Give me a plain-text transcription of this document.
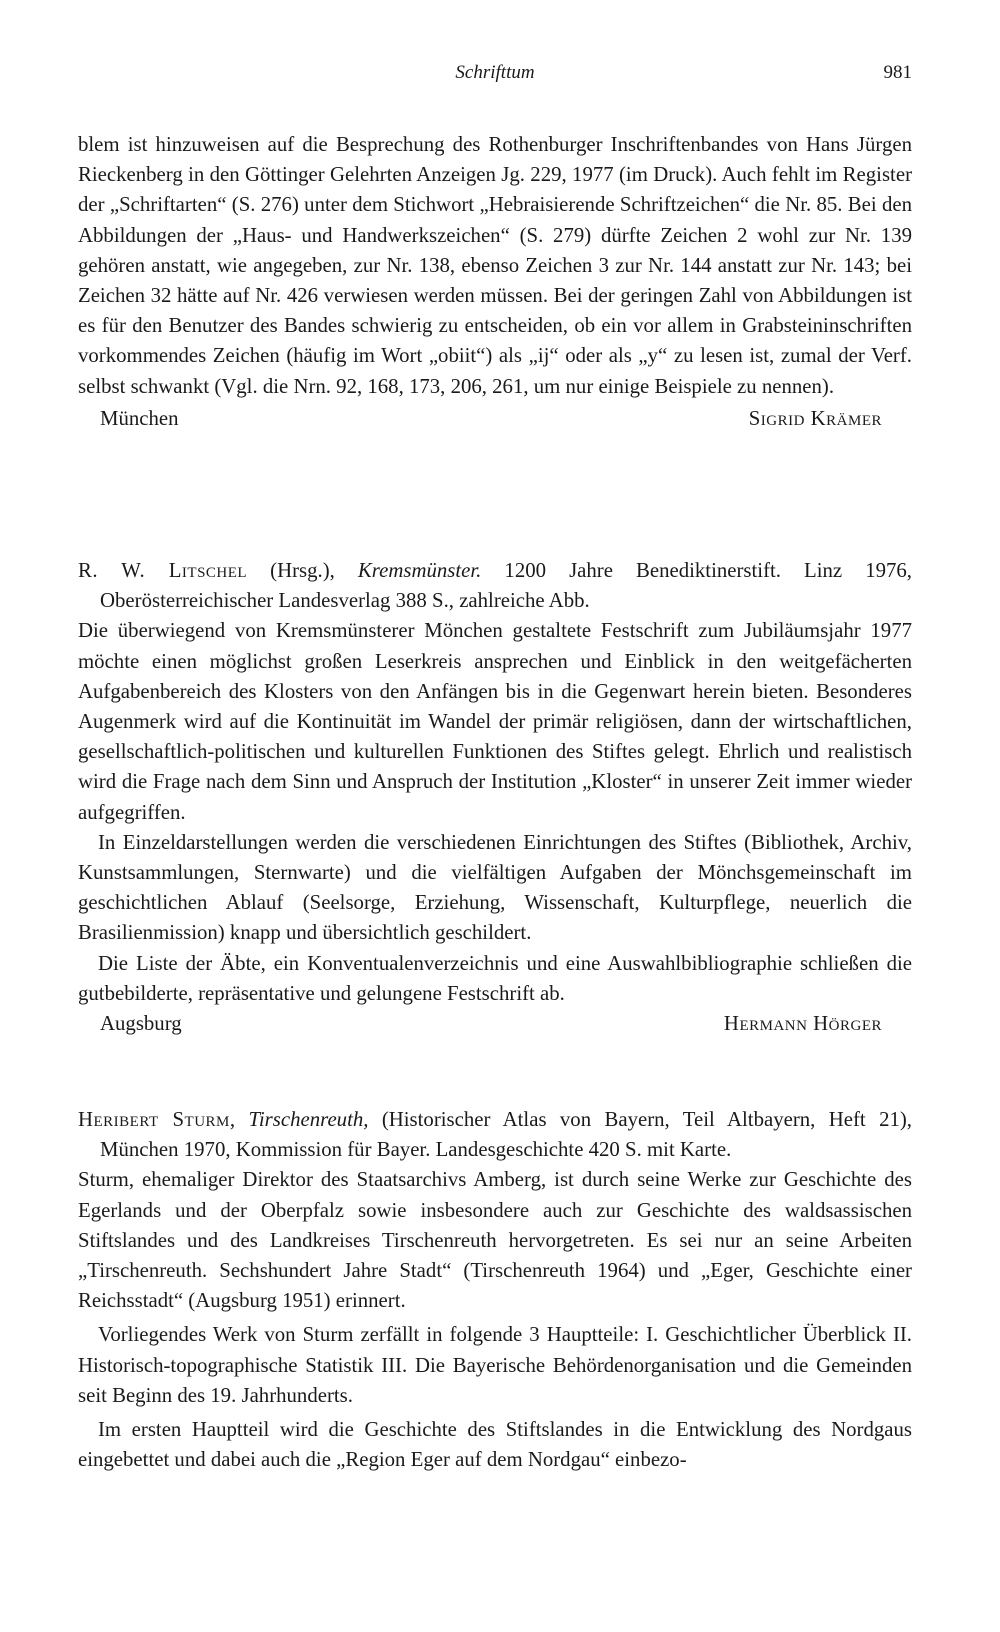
Schrifttum	981

blem ist hinzuweisen auf die Besprechung des Rothenburger Inschriftenbandes von Hans Jürgen Rieckenberg in den Göttinger Gelehrten Anzeigen Jg. 229, 1977 (im Druck). Auch fehlt im Register der „Schriftarten“ (S. 276) unter dem Stichwort „Hebraisierende Schriftzeichen“ die Nr. 85. Bei den Abbildungen der „Haus- und Handwerkszeichen“ (S. 279) dürfte Zeichen 2 wohl zur Nr. 139 gehören anstatt, wie angegeben, zur Nr. 138, ebenso Zeichen 3 zur Nr. 144 anstatt zur Nr. 143; bei Zeichen 32 hätte auf Nr. 426 verwiesen werden müssen. Bei der geringen Zahl von Abbildungen ist es für den Benutzer des Bandes schwierig zu entscheiden, ob ein vor allem in Grabsteininschriften vorkommendes Zeichen (häufig im Wort „obiit“) als „ij“ oder als „y“ zu lesen ist, zumal der Verf. selbst schwankt (Vgl. die Nrn. 92, 168, 173, 206, 261, um nur einige Beispiele zu nennen).

München	Sigrid Krämer

R. W. Litschel (Hrsg.), Kremsmünster. 1200 Jahre Benediktinerstift. Linz 1976, Oberösterreichischer Landesverlag 388 S., zahlreiche Abb.

Die überwiegend von Kremsmünsterer Mönchen gestaltete Festschrift zum Jubiläumsjahr 1977 möchte einen möglichst großen Leserkreis ansprechen und Einblick in den weitgefächerten Aufgabenbereich des Klosters von den Anfängen bis in die Gegenwart herein bieten. Besonderes Augenmerk wird auf die Kontinuität im Wandel der primär religiösen, dann der wirtschaftlichen, gesellschaftlich-politischen und kulturellen Funktionen des Stiftes gelegt. Ehrlich und realistisch wird die Frage nach dem Sinn und Anspruch der Institution „Kloster“ in unserer Zeit immer wieder aufgegriffen.

In Einzeldarstellungen werden die verschiedenen Einrichtungen des Stiftes (Bibliothek, Archiv, Kunstsammlungen, Sternwarte) und die vielfältigen Aufgaben der Mönchsgemeinschaft im geschichtlichen Ablauf (Seelsorge, Erziehung, Wissenschaft, Kulturpflege, neuerlich die Brasilienmission) knapp und übersichtlich geschildert.

Die Liste der Äbte, ein Konventualenverzeichnis und eine Auswahlbibliographie schließen die gutbebilderte, repräsentative und gelungene Festschrift ab.

Augsburg	Hermann Hörger

Heribert Sturm, Tirschenreuth, (Historischer Atlas von Bayern, Teil Altbayern, Heft 21), München 1970, Kommission für Bayer. Landesgeschichte 420 S. mit Karte.

Sturm, ehemaliger Direktor des Staatsarchivs Amberg, ist durch seine Werke zur Geschichte des Egerlands und der Oberpfalz sowie insbesondere auch zur Geschichte des waldsassischen Stiftslandes und des Landkreises Tirschenreuth hervorgetreten. Es sei nur an seine Arbeiten „Tirschenreuth. Sechshundert Jahre Stadt“ (Tirschenreuth 1964) und „Eger, Geschichte einer Reichsstadt“ (Augsburg 1951) erinnert.

Vorliegendes Werk von Sturm zerfällt in folgende 3 Hauptteile: I. Geschichtlicher Überblick II. Historisch-topographische Statistik III. Die Bayerische Behördenorganisation und die Gemeinden seit Beginn des 19. Jahrhunderts.

Im ersten Hauptteil wird die Geschichte des Stiftslandes in die Entwicklung des Nordgaus eingebettet und dabei auch die „Region Eger auf dem Nordgau“ einbezo-
